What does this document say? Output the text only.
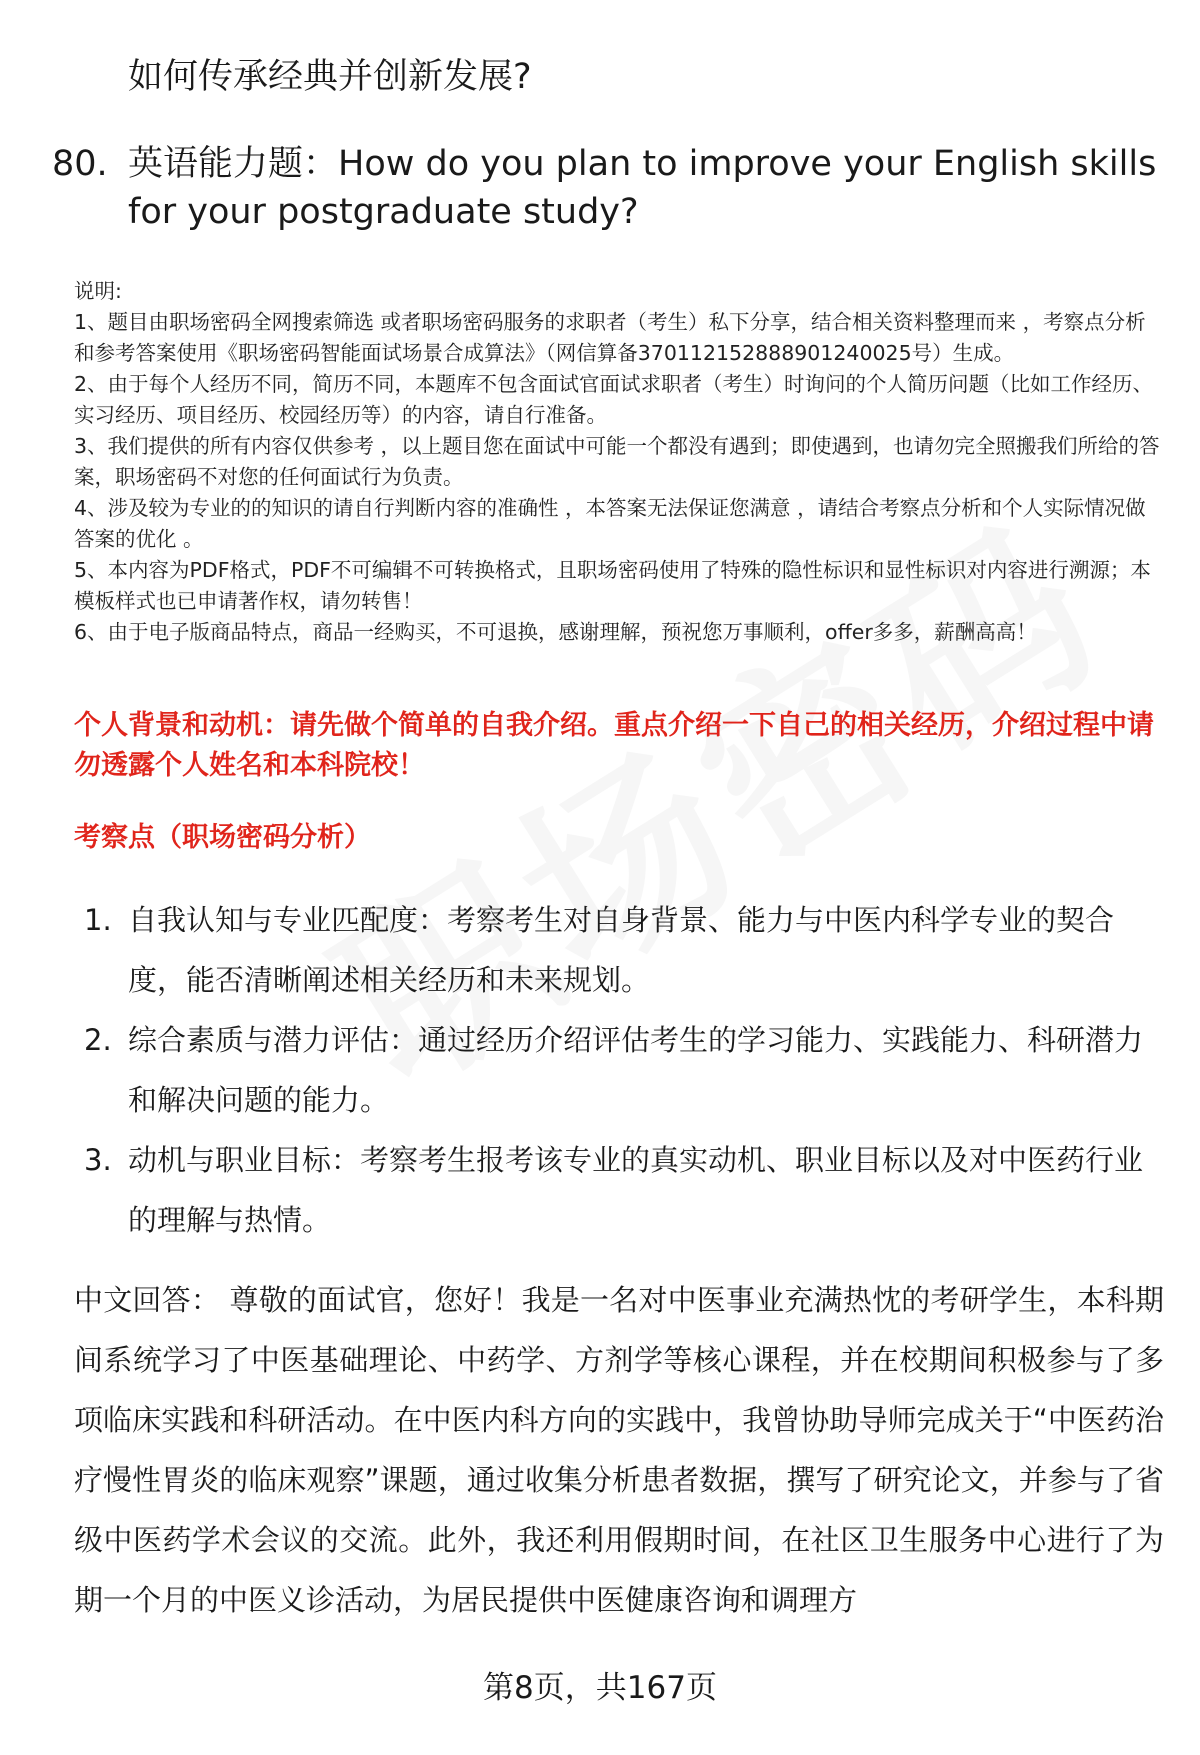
如何传承经典并创新发展?
80. 英语能力题：How do you plan to improve your English skills for your postgraduate study?

说明:

1、题目由职场密码全网搜索筛选 或者职场密码服务的求职者（考生）私下分享，结合相关资料整理而来 ，考察点分析和参考答案使用《职场密码智能面试场景合成算法》（网信算备370112152888901240025号）生成。

2、由于每个人经历不同，简历不同，本题库不包含面试官面试求职者（考生）时询问的个人简历问题（比如工作经历、实习经历、项目经历、校园经历等）的内容，请自行准备。

3、我们提供的所有内容仅供参考 ，以上题目您在面试中可能一个都没有遇到；即使遇到，也请勿完全照搬我们所给的答案，职场密码不对您的任何面试行为负责。

4、涉及较为专业的的知识的请自行判断内容的准确性 ，本答案无法保证您满意 ，请结合考察点分析和个人实际情况做答案的优化 。

5、本内容为PDF格式，PDF不可编辑不可转换格式，且职场密码使用了特殊的隐性标识和显性标识对内容进行溯源；本模板样式也已申请著作权，请勿转售！

6、由于电子版商品特点，商品一经购买，不可退换，感谢理解，预祝您万事顺利，offer多多，薪酬高高！

个人背景和动机：请先做个简单的自我介绍。重点介绍一下自己的相关经历，介绍过程中请勿透露个人姓名和本科院校！
考察点（职场密码分析）
1. 自我认知与专业匹配度：考察考生对自身背景、能力与中医内科学专业的契合度，能否清晰阐述相关经历和未来规划。
2. 综合素质与潜力评估：通过经历介绍评估考生的学习能力、实践能力、科研潜力和解决问题的能力。
3. 动机与职业目标：考察考生报考该专业的真实动机、职业目标以及对中医药行业的理解与热情。
中文回答： 尊敬的面试官，您好！我是一名对中医事业充满热忱的考研学生，本科期间系统学习了中医基础理论、中药学、方剂学等核心课程，并在校期间积极参与了多项临床实践和科研活动。在中医内科方向的实践中，我曾协助导师完成关于“中医药治疗慢性胃炎的临床观察”课题，通过收集分析患者数据，撰写了研究论文，并参与了省级中医药学术会议的交流。此外，我还利用假期时间，在社区卫生服务中心进行了为期一个月的中医义诊活动，为居民提供中医健康咨询和调理方
第8页，共167页
